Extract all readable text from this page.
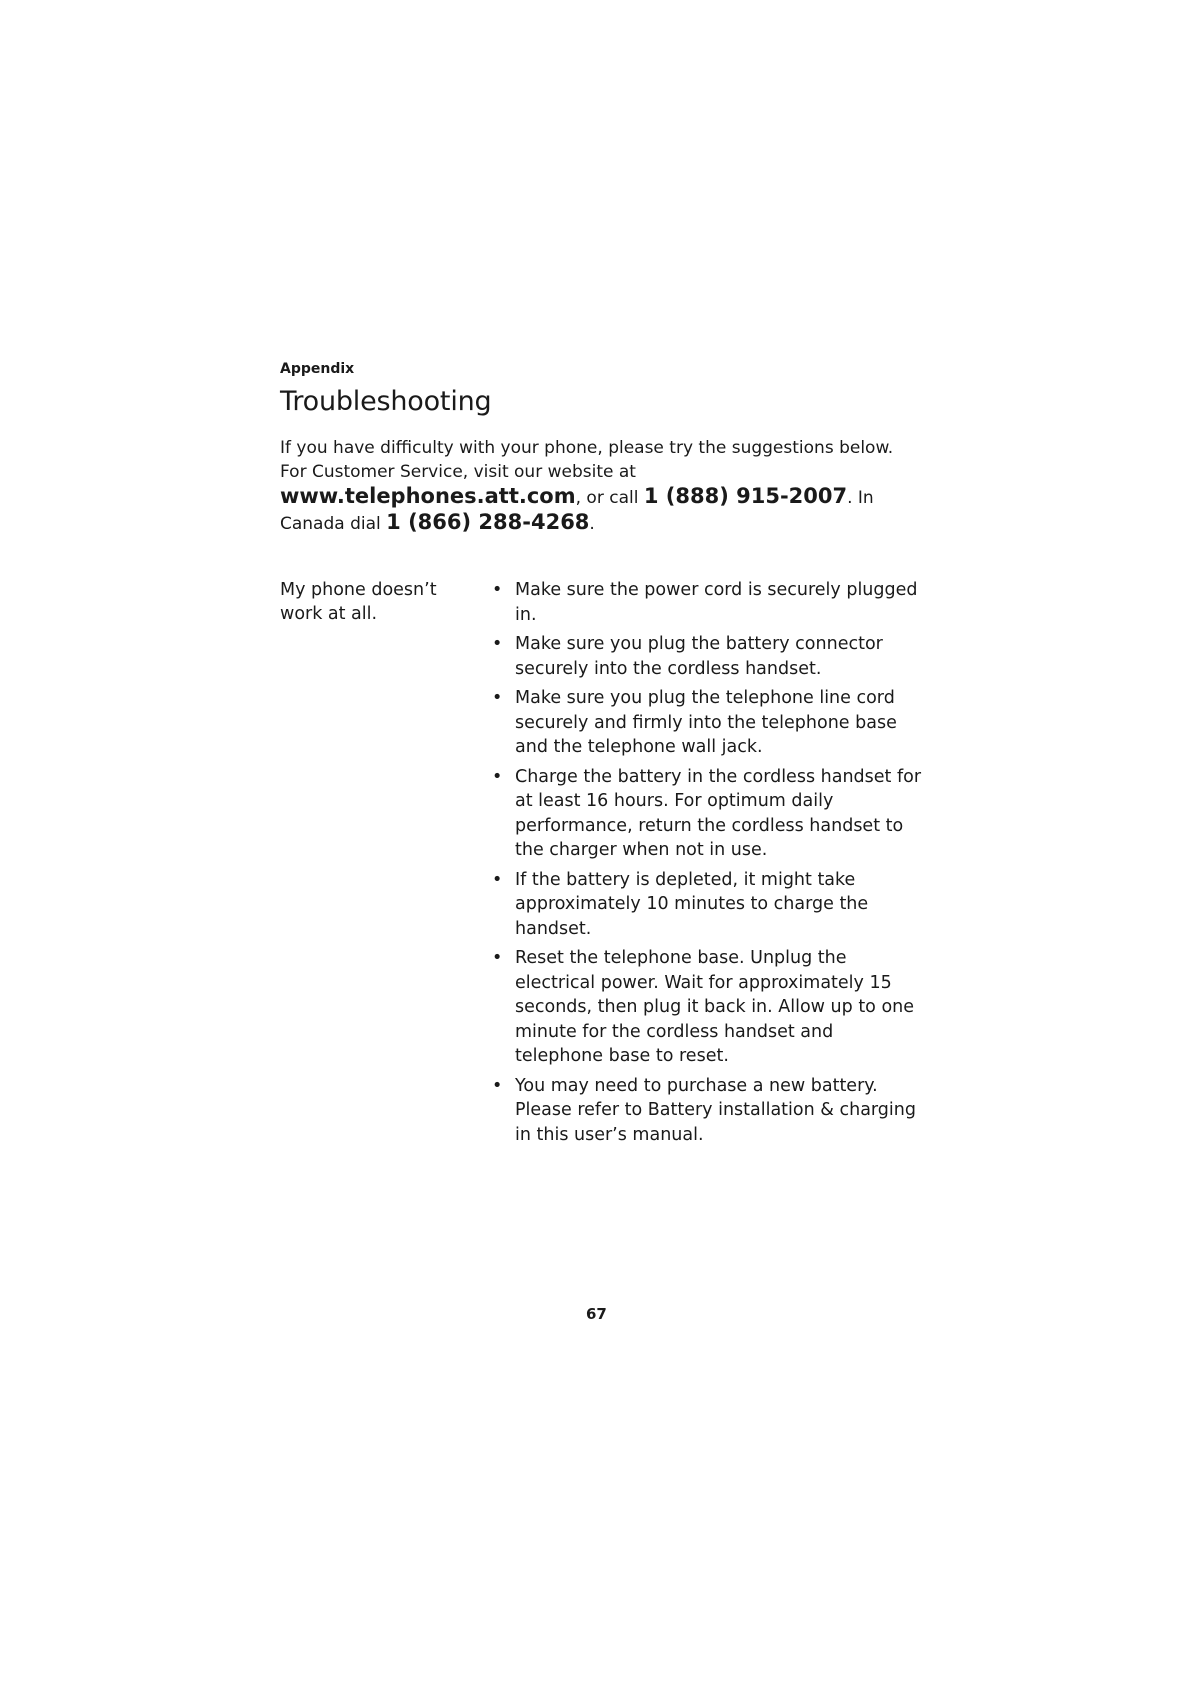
Appendix
Troubleshooting

If you have difficulty with your phone, please try the suggestions below. For Customer Service, visit our website at www.telephones.att.com, or call 1 (888) 915-2007. In Canada dial 1 (866) 288-4268.

My phone doesn’t work at all.
• Make sure the power cord is securely plugged in.
• Make sure you plug the battery connector securely into the cordless handset.
• Make sure you plug the telephone line cord securely and firmly into the telephone base and the telephone wall jack.
• Charge the battery in the cordless handset for at least 16 hours. For optimum daily performance, return the cordless handset to the charger when not in use.
• If the battery is depleted, it might take approximately 10 minutes to charge the handset.
• Reset the telephone base. Unplug the electrical power. Wait for approximately 15 seconds, then plug it back in. Allow up to one minute for the cordless handset and telephone base to reset.
• You may need to purchase a new battery. Please refer to Battery installation & charging in this user’s manual.
67
